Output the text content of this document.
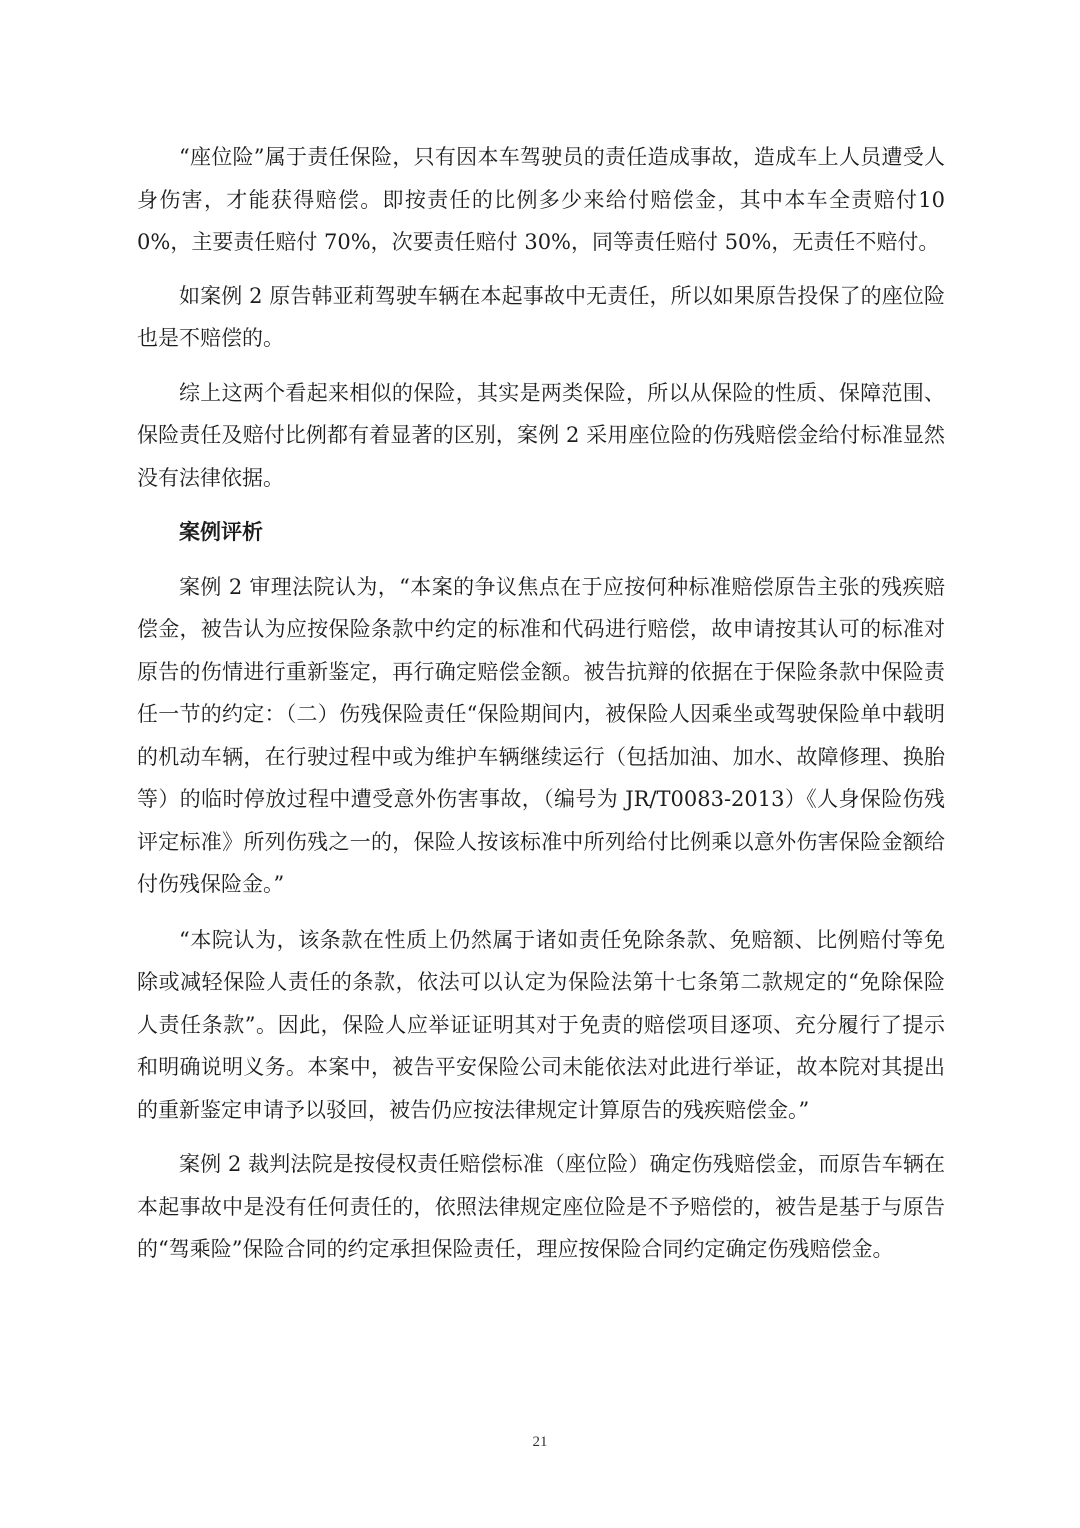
“座位险”属于责任保险，只有因本车驾驶员的责任造成事故，造成车上人员遭受人身伤害，才能获得赔偿。即按责任的比例多少来给付赔偿金，其中本车全责赔付100%，主要责任赔付 70%，次要责任赔付 30%，同等责任赔付 50%，无责任不赔付。

如案例 2 原告韩亚莉驾驶车辆在本起事故中无责任，所以如果原告投保了的座位险也是不赔偿的。

综上这两个看起来相似的保险，其实是两类保险，所以从保险的性质、保障范围、保险责任及赔付比例都有着显著的区别，案例 2 采用座位险的伤残赔偿金给付标准显然没有法律依据。

案例评析

案例 2 审理法院认为，“本案的争议焦点在于应按何种标准赔偿原告主张的残疾赔偿金，被告认为应按保险条款中约定的标准和代码进行赔偿，故申请按其认可的标准对原告的伤情进行重新鉴定，再行确定赔偿金额。被告抗辩的依据在于保险条款中保险责任一节的约定：（二）伤残保险责任“保险期间内，被保险人因乘坐或驾驶保险单中载明的机动车辆，在行驶过程中或为维护车辆继续运行（包括加油、加水、故障修理、换胎等）的临时停放过程中遭受意外伤害事故，（编号为 JR/T0083-2013）《人身保险伤残评定标准》所列伤残之一的，保险人按该标准中所列给付比例乘以意外伤害保险金额给付伤残保险金。”

“本院认为，该条款在性质上仍然属于诸如责任免除条款、免赔额、比例赔付等免除或减轻保险人责任的条款，依法可以认定为保险法第十七条第二款规定的“免除保险人责任条款”。因此，保险人应举证证明其对于免责的赔偿项目逐项、充分履行了提示和明确说明义务。本案中，被告平安保险公司未能依法对此进行举证，故本院对其提出的重新鉴定申请予以驳回，被告仍应按法律规定计算原告的残疾赔偿金。”

案例 2 裁判法院是按侵权责任赔偿标准（座位险）确定伤残赔偿金，而原告车辆在本起事故中是没有任何责任的，依照法律规定座位险是不予赔偿的，被告是基于与原告的“驾乘险”保险合同的约定承担保险责任，理应按保险合同约定确定伤残赔偿金。

21
